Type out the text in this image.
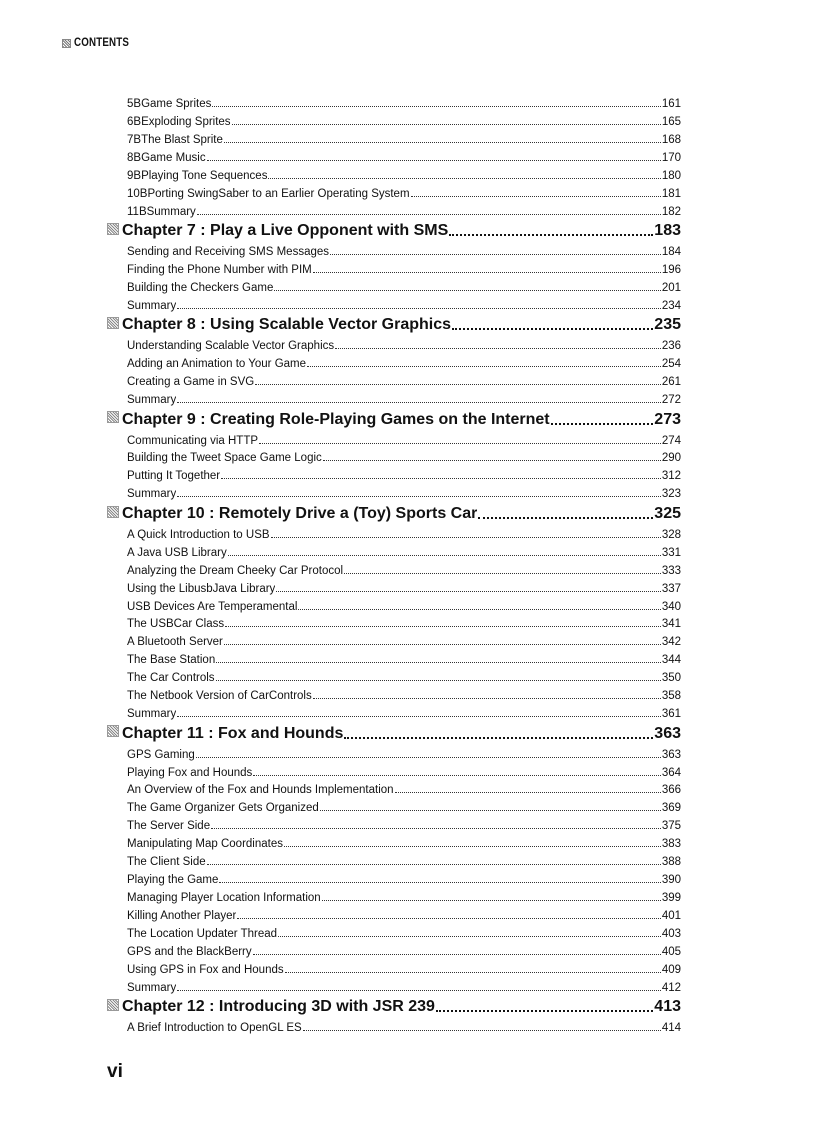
CONTENTS
5BGame Sprites	161
6BExploding Sprites	165
7BThe Blast Sprite	168
8BGame Music	170
9BPlaying Tone Sequences	180
10BPorting SwingSaber to an Earlier Operating System	181
11BSummary	182
Chapter 7 : Play a Live Opponent with SMS	183
Sending and Receiving SMS Messages	184
Finding the Phone Number with PIM	196
Building the Checkers Game	201
Summary	234
Chapter 8 : Using Scalable Vector Graphics	235
Understanding Scalable Vector Graphics	236
Adding an Animation to Your Game	254
Creating a Game in SVG	261
Summary	272
Chapter 9 : Creating Role-Playing Games on the Internet	273
Communicating via HTTP	274
Building the Tweet Space Game Logic	290
Putting It Together	312
Summary	323
Chapter 10 : Remotely Drive a (Toy) Sports Car	325
A Quick Introduction to USB	328
A Java USB Library	331
Analyzing the Dream Cheeky Car Protocol	333
Using the LibusbJava Library	337
USB Devices Are Temperamental	340
The USBCar Class	341
A Bluetooth Server	342
The Base Station	344
The Car Controls	350
The Netbook Version of CarControls	358
Summary	361
Chapter 11 : Fox and Hounds	363
GPS Gaming	363
Playing Fox and Hounds	364
An Overview of the Fox and Hounds Implementation	366
The Game Organizer Gets Organized	369
The Server Side	375
Manipulating Map Coordinates	383
The Client Side	388
Playing the Game	390
Managing Player Location Information	399
Killing Another Player	401
The Location Updater Thread	403
GPS and the BlackBerry	405
Using GPS in Fox and Hounds	409
Summary	412
Chapter 12 : Introducing 3D with JSR 239	413
A Brief Introduction to OpenGL ES	414
vi
